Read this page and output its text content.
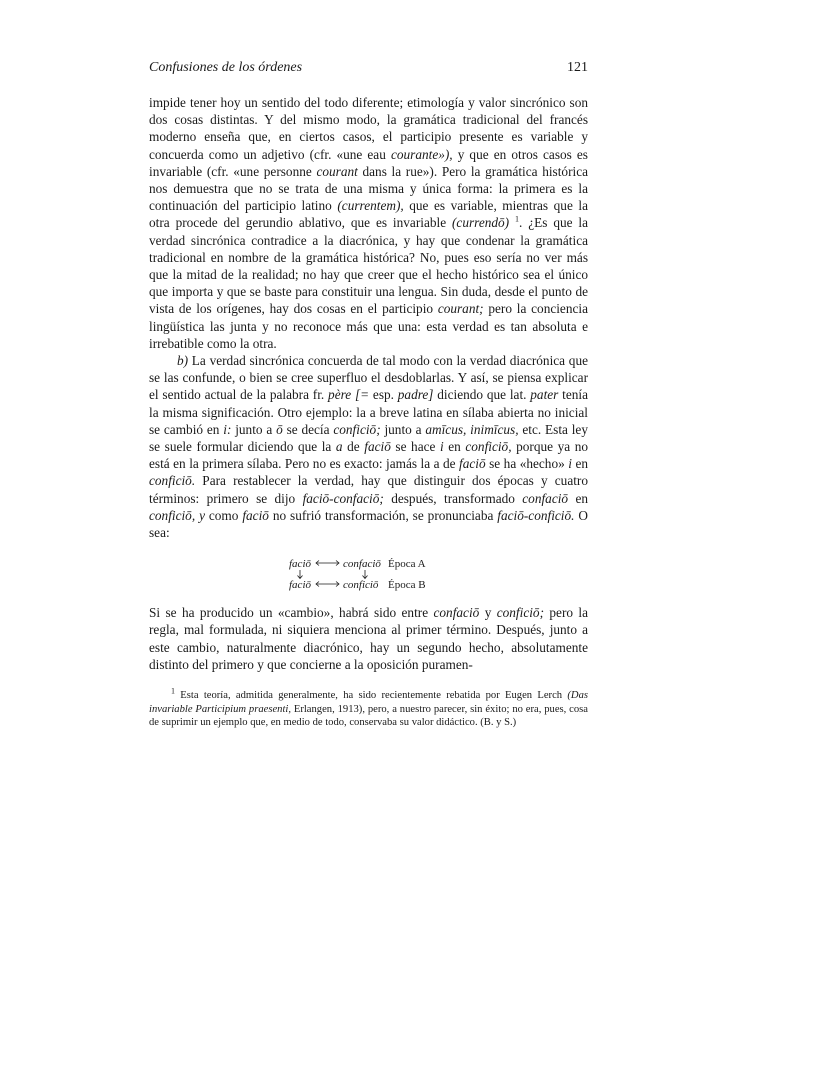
Confusiones de los órdenes	121

impide tener hoy un sentido del todo diferente; etimología y valor sincrónico son dos cosas distintas. Y del mismo modo, la gramática tradicional del francés moderno enseña que, en ciertos casos, el participio presente es variable y concuerda como un adjetivo (cfr. «une eau courante»), y que en otros casos es invariable (cfr. «une personne courant dans la rue»). Pero la gramática histórica nos demuestra que no se trata de una misma y única forma: la primera es la continuación del participio latino (currentem), que es variable, mientras que la otra procede del gerundio ablativo, que es invariable (currendō) $^1$. ¿Es que la verdad sincrónica contradice a la diacrónica, y hay que condenar la gramática tradicional en nombre de la gramática histórica? No, pues eso sería no ver más que la mitad de la realidad; no hay que creer que el hecho histórico sea el único que importa y que se baste para constituir una lengua. Sin duda, desde el punto de vista de los orígenes, hay dos cosas en el participio courant; pero la conciencia lingüística las junta y no reconoce más que una: esta verdad es tan absoluta e irrebatible como la otra.

b) La verdad sincrónica concuerda de tal modo con la verdad diacrónica que se las confunde, o bien se cree superfluo el desdoblarlas. Y así, se piensa explicar el sentido actual de la palabra fr. père [= esp. padre] diciendo que lat. pater tenía la misma significación. Otro ejemplo: la a breve latina en sílaba abierta no inicial se cambió en i: junto a ō se decía conficiō; junto a amīcus, inimīcus, etc. Esta ley se suele formular diciendo que la a de faciō se hace i en conficiō, porque ya no está en la primera sílaba. Pero no es exacto: jamás la a de faciō se ha «hecho» i en conficiō. Para restablecer la verdad, hay que distinguir dos épocas y cuatro términos: primero se dijo faciō-confaciō; después, transformado confaciō en conficiō, y como faciō no sufrió transformación, se pronunciaba faciō-conficiō. O sea:

faciō	confaciō Época A
faciō	conficiō Época B

Si se ha producido un «cambio», habrá sido entre confaciō y conficiō; pero la regla, mal formulada, ni siquiera menciona al primer término. Después, junto a este cambio, naturalmente diacrónico, hay un segundo hecho, absolutamente distinto del primero y que concierne a la oposición puramen-

$^1$ Esta teoría, admitida generalmente, ha sido recientemente rebatida por Eugen Lerch (Das invariable Participium praesenti, Erlangen, 1913), pero, a nuestro parecer, sin éxito; no era, pues, cosa de suprimir un ejemplo que, en medio de todo, conservaba su valor didáctico. (B. y S.)
